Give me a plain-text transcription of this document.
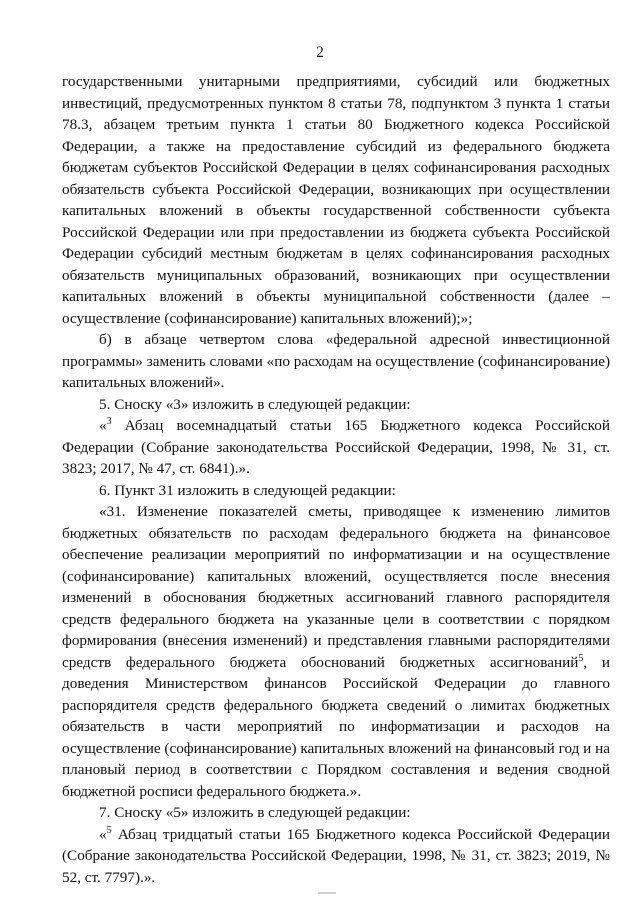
2

государственными унитарными предприятиями, субсидий или бюджетных инвестиций, предусмотренных пунктом 8 статьи 78, подпунктом 3 пункта 1 статьи 78.3, абзацем третьим пункта 1 статьи 80 Бюджетного кодекса Российской Федерации, а также на предоставление субсидий из федерального бюджета бюджетам субъектов Российской Федерации в целях софинансирования расходных обязательств субъекта Российской Федерации, возникающих при осуществлении капитальных вложений в объекты государственной собственности субъекта Российской Федерации или при предоставлении из бюджета субъекта Российской Федерации субсидий местным бюджетам в целях софинансирования расходных обязательств муниципальных образований, возникающих при осуществлении капитальных вложений в объекты муниципальной собственности (далее – осуществление (софинансирование) капитальных вложений);»;

б) в абзаце четвертом слова «федеральной адресной инвестиционной программы» заменить словами «по расходам на осуществление (софинансирование) капитальных вложений».

5. Сноску «3» изложить в следующей редакции:

«$^3$ Абзац восемнадцатый статьи 165 Бюджетного кодекса Российской Федерации (Собрание законодательства Российской Федерации, 1998, № 31, ст. 3823; 2017, № 47, ст. 6841).».

6. Пункт 31 изложить в следующей редакции:

«31. Изменение показателей сметы, приводящее к изменению лимитов бюджетных обязательств по расходам федерального бюджета на финансовое обеспечение реализации мероприятий по информатизации и на осуществление (софинансирование) капитальных вложений, осуществляется после внесения изменений в обоснования бюджетных ассигнований главного распорядителя средств федерального бюджета на указанные цели в соответствии с порядком формирования (внесения изменений) и представления главными распорядителями средств федерального бюджета обоснований бюджетных ассигнований$^5$, и доведения Министерством финансов Российской Федерации до главного распорядителя средств федерального бюджета сведений о лимитах бюджетных обязательств в части мероприятий по информатизации и расходов на осуществление (софинансирование) капитальных вложений на финансовый год и на плановый период в соответствии с Порядком составления и ведения сводной бюджетной росписи федерального бюджета.».

7. Сноску «5» изложить в следующей редакции:

«$^5$ Абзац тридцатый статьи 165 Бюджетного кодекса Российской Федерации (Собрание законодательства Российской Федерации, 1998, № 31, ст. 3823; 2019, № 52, ст. 7797).».
